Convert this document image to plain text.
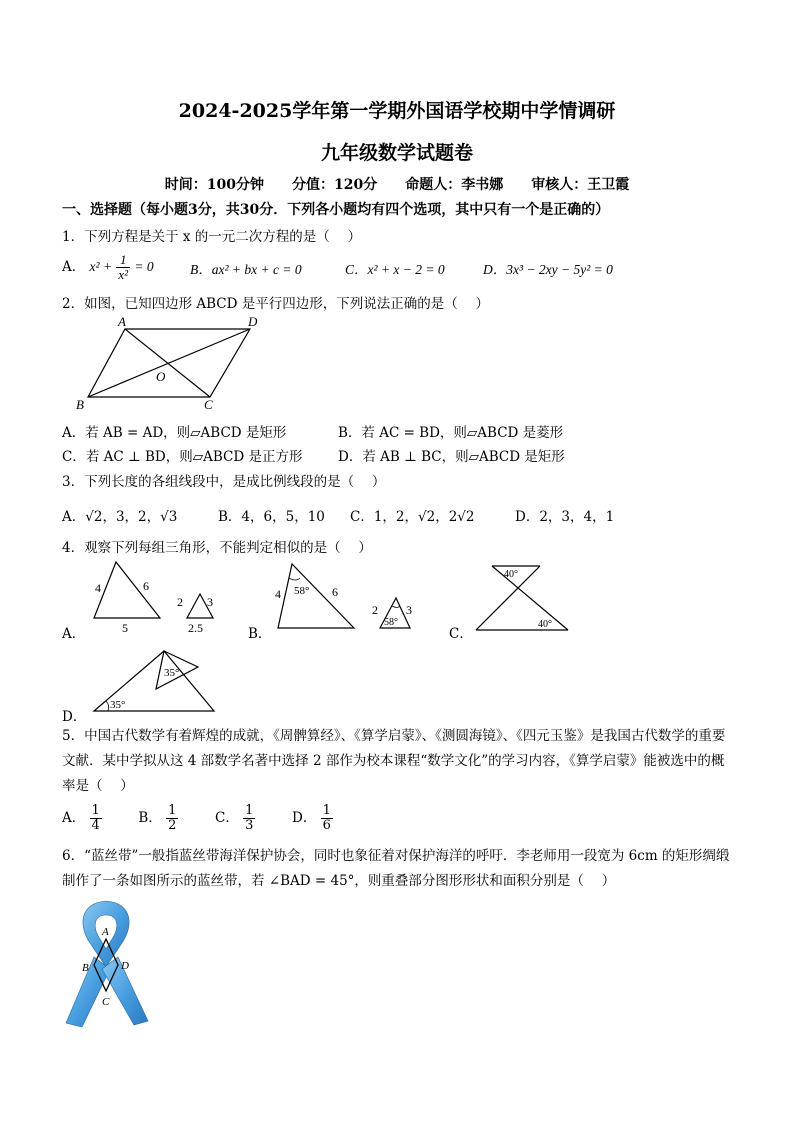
2024-2025学年第一学期外国语学校期中学情调研
九年级数学试题卷
时间：100分钟　　分值：120分　　命题人：李书娜　　审核人：王卫霞
一、选择题（每小题3分，共30分．下列各小题均有四个选项，其中只有一个是正确的）
1．下列方程是关于 x 的一元二次方程的是（　 ）
A． $x^2 + \frac{1}{\text{x²}} = 0$	B．ax² + bx + c = 0	C．x² + x − 2 = 0	D．3x³ − 2xy − 5y² = 0
2．如图，已知四边形 ABCD 是平行四边形，下列说法正确的是（　 ）
A	D
B	C
O
A．若 AB = AD，则▱ABCD 是矩形	B．若 AC = BD，则▱ABCD 是菱形
C．若 AC ⊥ BD，则▱ABCD 是正方形	D．若 AB ⊥ BC，则▱ABCD 是矩形
3．下列长度的各组线段中，是成比例线段的是（　 ）
A．√2，3，2，√3	B．4，6，5，10 C．1，2，√2，2√2	D．2，3，4，1
4．观察下列每组三角形，不能判定相似的是（　 ）
A．
4	6
5
2 3
2.5	B．
4	6
58°
2 3
58°
C．
40°
40°
D．
35°
35°
5．中国古代数学有着辉煌的成就，《周髀算经》、《算学启蒙》、《测圆海镜》、《四元玉鉴》是我国古代数学的重要文献．某中学拟从这 4 部数学名著中选择 2 部作为校本课程“数学文化”的学习内容，《算学启蒙》能被选中的概率是（　 ）
A． $\frac{1}{4}$	B． $\frac{1}{2}$	C． $\frac{1}{3}$	D． $\frac{1}{6}$
6．“蓝丝带”一般指蓝丝带海洋保护协会，同时也象征着对保护海洋的呼吁．李老师用一段宽为 6cm 的矩形绸缎制作了一条如图所示的蓝丝带，若 ∠BAD = 45°，则重叠部分图形形状和面积分别是（　 ）
A
B	D
C
